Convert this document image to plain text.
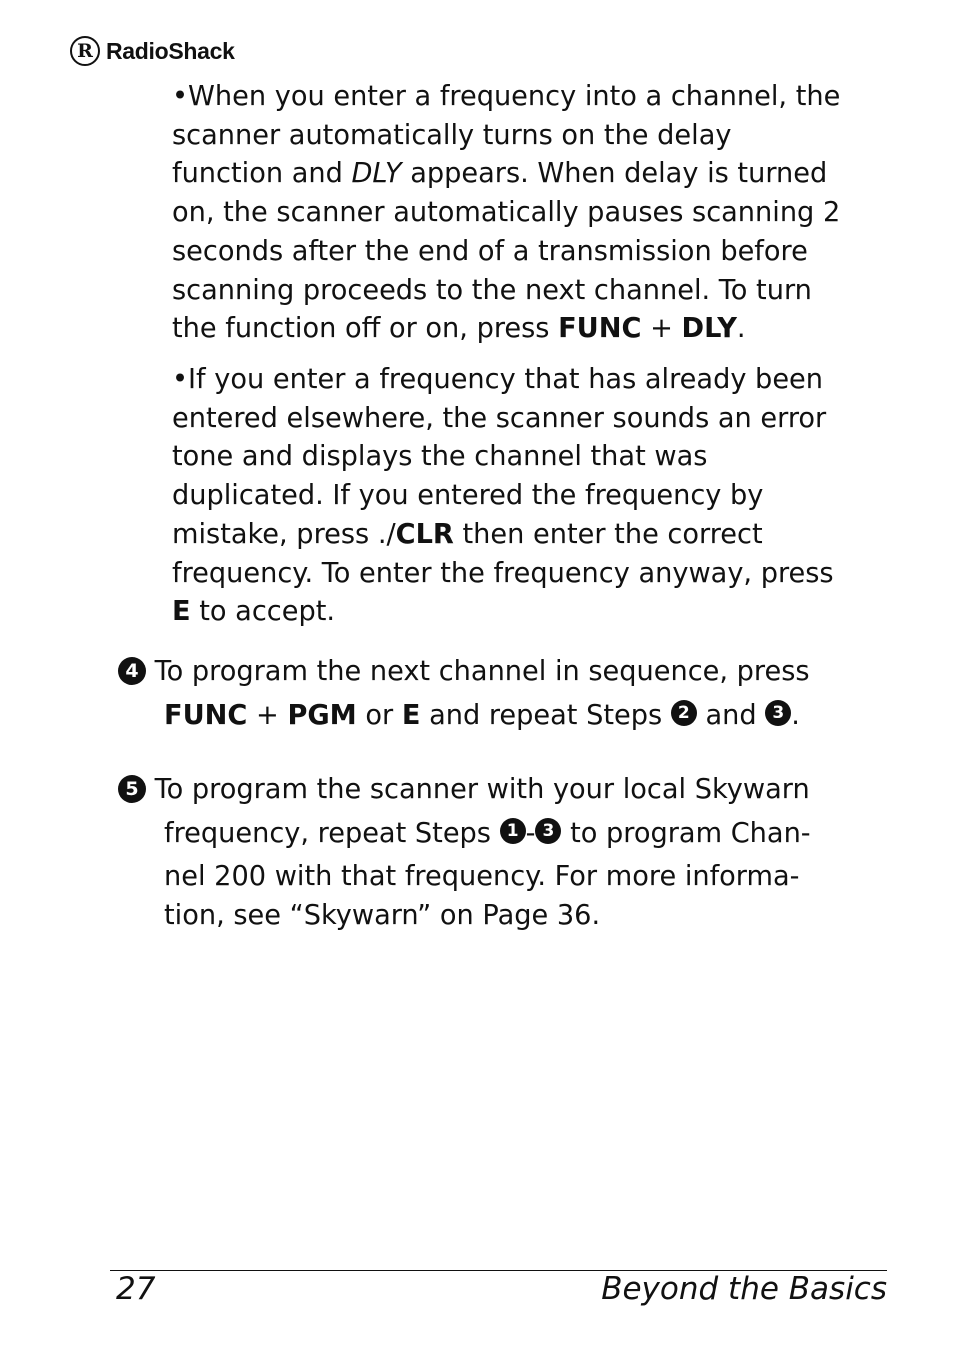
R RadioShack
•When you enter a frequency into a channel, the
scanner automatically turns on the delay
function and DLY appears. When delay is turned
on, the scanner automatically pauses scanning 2
seconds after the end of a transmission before
scanning proceeds to the next channel. To turn
the function off or on, press FUNC + DLY.
•If you enter a frequency that has already been
entered elsewhere, the scanner sounds an error
tone and displays the channel that was
duplicated. If you entered the frequency by
mistake, press ./CLR then enter the correct
frequency. To enter the frequency anyway, press
E to accept.
4 To program the next channel in sequence, press
FUNC + PGM or E and repeat Steps 2 and 3 .
5 To program the scanner with your local Skywarn
frequency, repeat Steps 1 - 3 to program Chan-
nel 200 with that frequency. For more informa-
tion, see “Skywarn” on Page 36.
27	Beyond the Basics
